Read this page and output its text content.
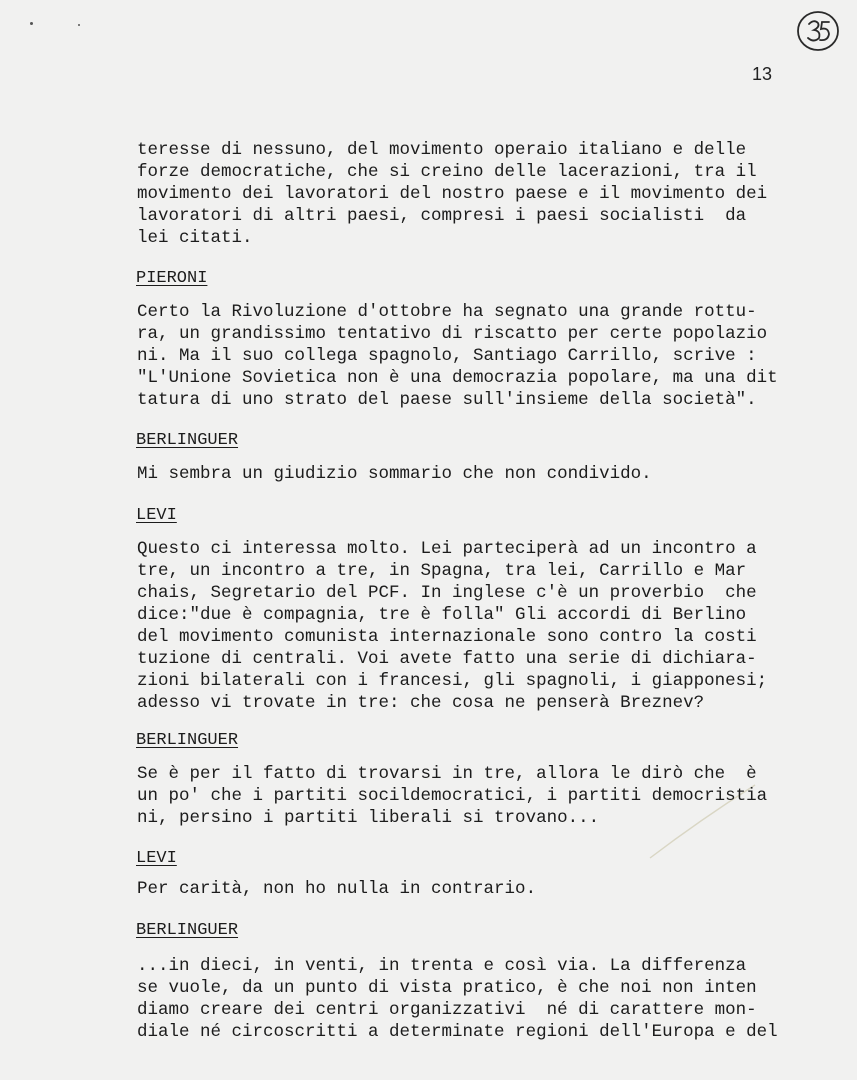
13

teresse di nessuno, del movimento operaio italiano e delle
forze democratiche, che si creino delle lacerazioni, tra il
movimento dei lavoratori del nostro paese e il movimento dei
lavoratori di altri paesi, compresi i paesi socialisti  da
lei citati.

PIERONI

Certo la Rivoluzione d'ottobre ha segnato una grande rottu-
ra, un grandissimo tentativo di riscatto per certe popolazio
ni. Ma il suo collega spagnolo, Santiago Carrillo, scrive :
"L'Unione Sovietica non è una democrazia popolare, ma una dit
tatura di uno strato del paese sull'insieme della società".

BERLINGUER

Mi sembra un giudizio sommario che non condivido.

LEVI

Questo ci interessa molto. Lei parteciperà ad un incontro a
tre, un incontro a tre, in Spagna, tra lei, Carrillo e Mar
chais, Segretario del PCF. In inglese c'è un proverbio  che
dice:"due è compagnia, tre è folla" Gli accordi di Berlino
del movimento comunista internazionale sono contro la costi
tuzione di centrali. Voi avete fatto una serie di dichiara-
zioni bilaterali con i francesi, gli spagnoli, i giapponesi;
adesso vi trovate in tre: che cosa ne penserà Breznev?

BERLINGUER

Se è per il fatto di trovarsi in tre, allora le dirò che  è
un po' che i partiti socildemocratici, i partiti democristia
ni, persino i partiti liberali si trovano...

LEVI

Per carità, non ho nulla in contrario.

BERLINGUER

...in dieci, in venti, in trenta e così via. La differenza
se vuole, da un punto di vista pratico, è che noi non inten
diamo creare dei centri organizzativi  né di carattere mon-
diale né circoscritti a determinate regioni dell'Europa e del
